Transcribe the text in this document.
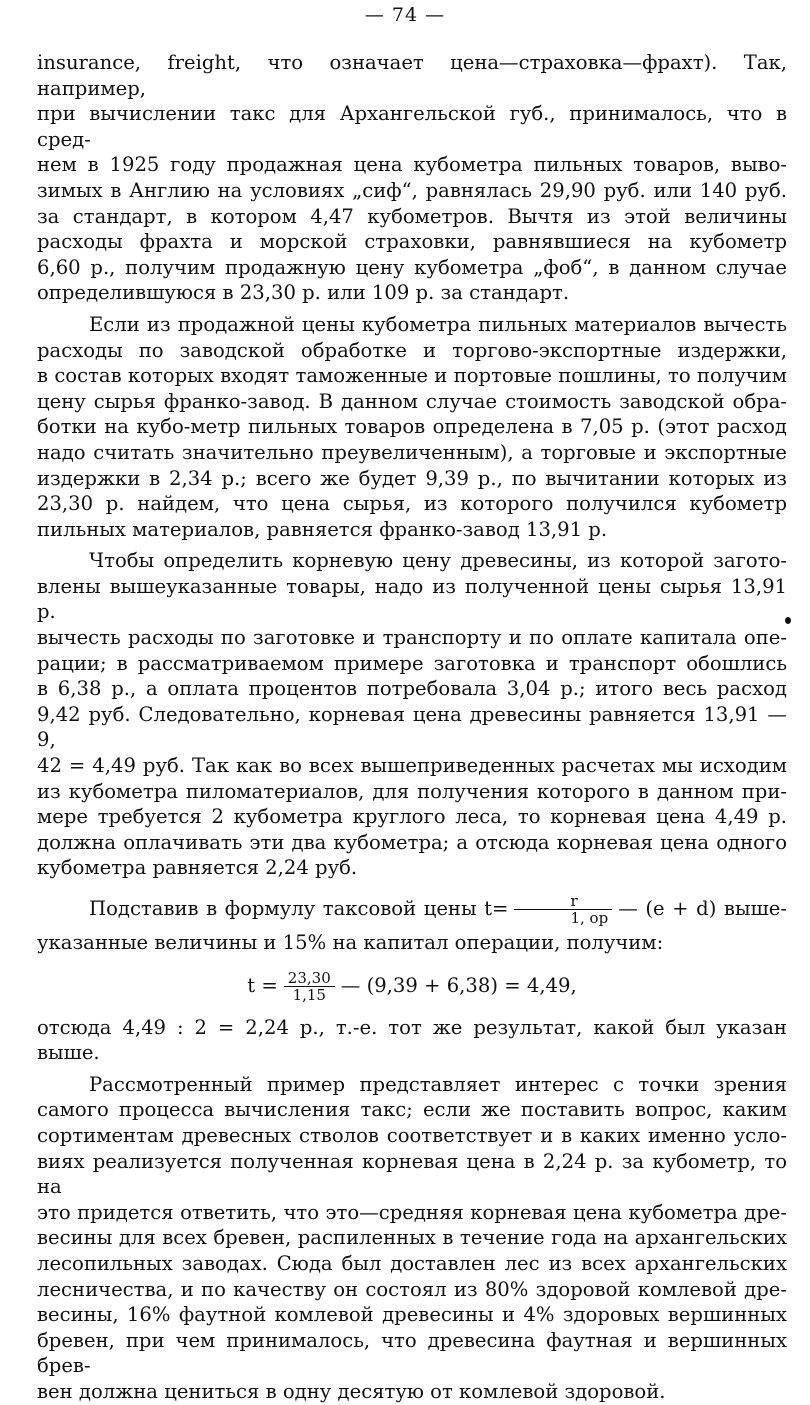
— 74 —

insurance, freight, что означает цена—страховка—фрахт). Так, например,

при вычислении такс для Архангельской губ., принималось, что в сред-

нем в 1925 году продажная цена кубометра пильных товаров, выво-

зимых в Англию на условиях „сиф“, равнялась 29,90 руб. или 140 руб.

за стандарт, в котором 4,47 кубометров. Вычтя из этой величины

расходы фрахта и морской страховки, равнявшиеся на кубометр

6,60 р., получим продажную цену кубометра „фоб“, в данном случае

определившуюся в 23,30 р. или 109 р. за стандарт.

Если из продажной цены кубометра пильных материалов вычесть

расходы по заводской обработке и торгово-экспортные издержки,

в состав которых входят таможенные и портовые пошлины, то получим

цену сырья франко-завод. В данном случае стоимость заводской обра-

ботки на кубо-метр пильных товаров определена в 7,05 р. (этот расход

надо считать значительно преувеличенным), а торговые и экспортные

издержки в 2,34 р.; всего же будет 9,39 р., по вычитании которых из

23,30 р. найдем, что цена сырья, из которого получился кубометр

пильных материалов, равняется франко-завод 13,91 р.

Чтобы определить корневую цену древесины, из которой загото-

влены вышеуказанные товары, надо из полученной цены сырья 13,91 р.

вычесть расходы по заготовке и транспорту и по оплате капитала опе-

рации; в рассматриваемом примере заготовка и транспорт обошлись

в 6,38 р., а оплата процентов потребовала 3,04 р.; итого весь расход

9,42 руб. Следовательно, корневая цена древесины равняется 13,91 — 9,

42 = 4,49 руб. Так как во всех вышеприведенных расчетах мы исходим

из кубометра пиломатериалов, для получения которого в данном при-

мере требуется 2 кубометра круглого леса, то корневая цена 4,49 р.

должна оплачивать эти два кубометра; а отсюда корневая цена одного

кубометра равняется 2,24 руб.

Подставив в формулу таксовой цены $t= \frac{r}{1, op}$ — (e + d) выше-

указанные величины и 15% на капитал операции, получим:

$t = \frac{23,30}{1,15}$ — (9,39 + 6,38) = 4,49,

отсюда 4,49 : 2 = 2,24 р., т.-е. тот же результат, какой был указан выше.

Рассмотренный пример представляет интерес с точки зрения

самого процесса вычисления такс; если же поставить вопрос, каким

сортиментам древесных стволов соответствует и в каких именно усло-

виях реализуется полученная корневая цена в 2,24 р. за кубометр, то на

это придется ответить, что это—средняя корневая цена кубометра дре-

весины для всех бревен, распиленных в течение года на архангельских

лесопильных заводах. Сюда был доставлен лес из всех архангельских

лесничества, и по качеству он состоял из 80% здоровой комлевой дре-

весины, 16% фаутной комлевой древесины и 4% здоровых вершинных

бревен, при чем принималось, что древесина фаутная и вершинных брев-

вен должна цениться в одну десятую от комлевой здоровой.
